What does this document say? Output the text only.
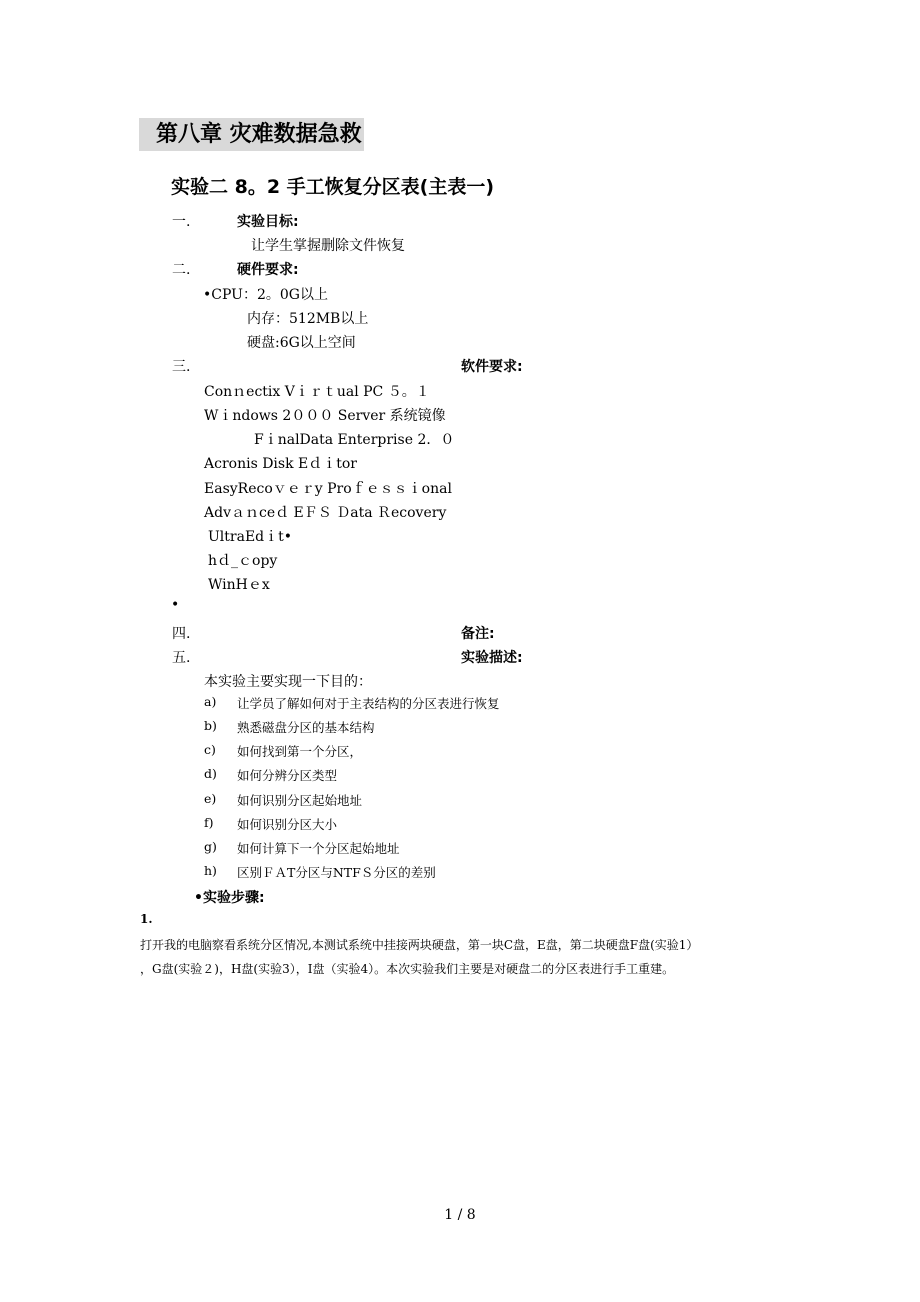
第八章 灾难数据急救
实验二 8。2 手工恢复分区表(主表一)
一.	实验目标:
让学生掌握删除文件恢复
二.	硬件要求:
•CPU：2。0G以上
内存：512MB以上
硬盘:6G以上空间
三.	软件要求:
Conｎectix Vｉｒｔual PC ５。１
Wｉndows 2０００ Server 系统镜像
FｉnalData Enterprise 2．０
Acronis Disk Eｄｉtor
EasyRecoｖｅｒy Proｆｅｓｓｉonal
Advａｎceｄ EＦＳ Ｄata Ｒecovery
UltraEdｉt•
hｄ_ｃopy
WinHｅx
•
四.	备注:
五.	实验描述:
本实验主要实现一下目的：
a) 让学员了解如何对于主表结构的分区表进行恢复
b) 熟悉磁盘分区的基本结构
c) 如何找到第一个分区，
d) 如何分辨分区类型
e) 如何识别分区起始地址
f) 如何识别分区大小
g) 如何计算下一个分区起始地址
h) 区别ＦＡT分区与NTFＳ分区的差别
•实验步骤:
1.
打开我的电脑察看系统分区情况,本测试系统中挂接两块硬盘，第一块C盘，E盘，第二块硬盘F盘(实验1）
，G盘(实验２)，H盘(实验3），I盘（实验4）。本次实验我们主要是对硬盘二的分区表进行手工重建。
1 / 8
